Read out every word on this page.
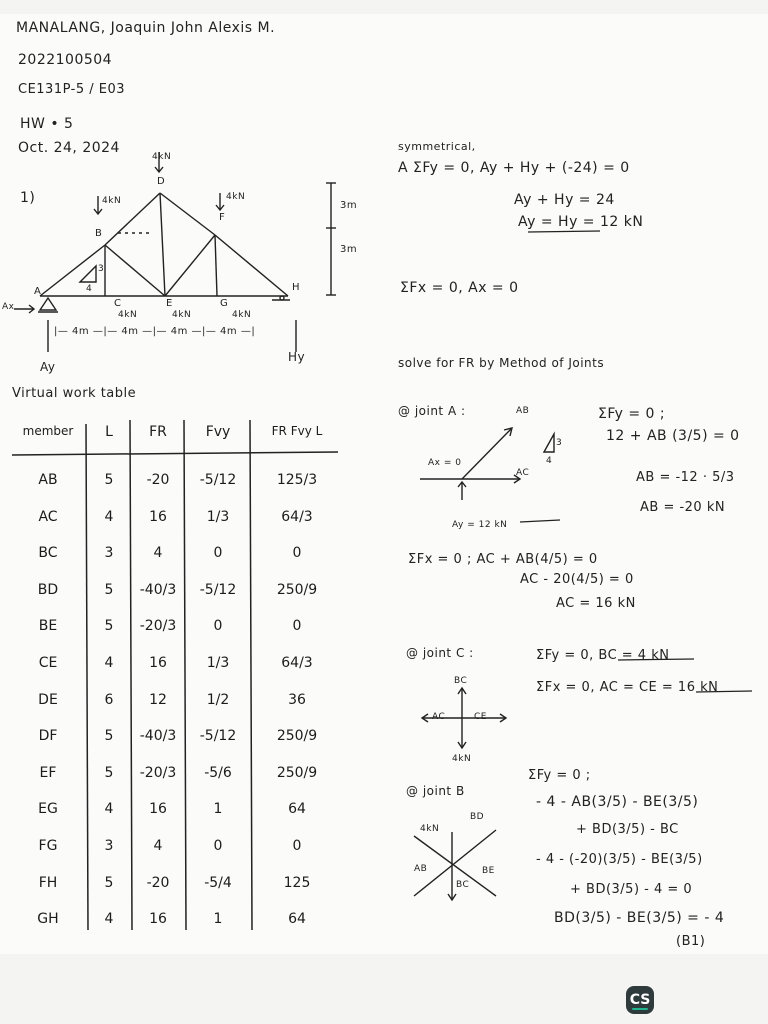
MANALANG, Joaquin John Alexis M.
2022100504
CE131P-5 / E03
HW • 5
Oct. 24, 2024
4kN
4kN	4kN
1)
A
B
C
D
E
F
G
H
4kN	4kN	4kN
3
4
|— 4m —|— 4m —|— 4m —|— 4m —|
3m
3m
Ay
Hy
Ax
Virtual work table
member	L	FR	Fvy	FR Fvy L
AB	5	-20	-5/12	125/3
AC	4	16	1/3	64/3
BC	3	4	0	0
BD	5	-40/3	-5/12	250/9
BE	5	-20/3	0	0
CE	4	16	1/3	64/3
DE	6	12	1/2	36
DF	5	-40/3	-5/12	250/9
EF	5	-20/3	-5/6	250/9
EG	4	16	1	64
FG	3	4	0	0
FH	5	-20	-5/4	125
GH	4	16	1	64
symmetrical,
A ΣFy = 0, Ay + Hy + (-24) = 0
Ay + Hy = 24
Ay = Hy = 12 kN
ΣFx = 0, Ax = 0
solve for FR by Method of Joints
@ joint A :	AB
Ax = 0
AC
Ay = 12 kN
3
4
ΣFy = 0 ;
12 + AB (3/5) = 0
AB = -12 · 5/3
AB = -20 kN
ΣFx = 0 ; AC + AB(4/5) = 0
AC - 20(4/5) = 0
AC = 16 kN
@ joint C :
BC
AC	CE
4kN
ΣFy = 0, BC = 4 kN
ΣFx = 0, AC = CE = 16 kN
@ joint B
4kN
BD
AB	BE
BC
ΣFy = 0 ;
- 4 - AB(3/5) - BE(3/5)
+ BD(3/5) - BC
- 4 - (-20)(3/5) - BE(3/5)
+ BD(3/5) - 4 = 0
BD(3/5) - BE(3/5) = - 4
(B1)
CS
